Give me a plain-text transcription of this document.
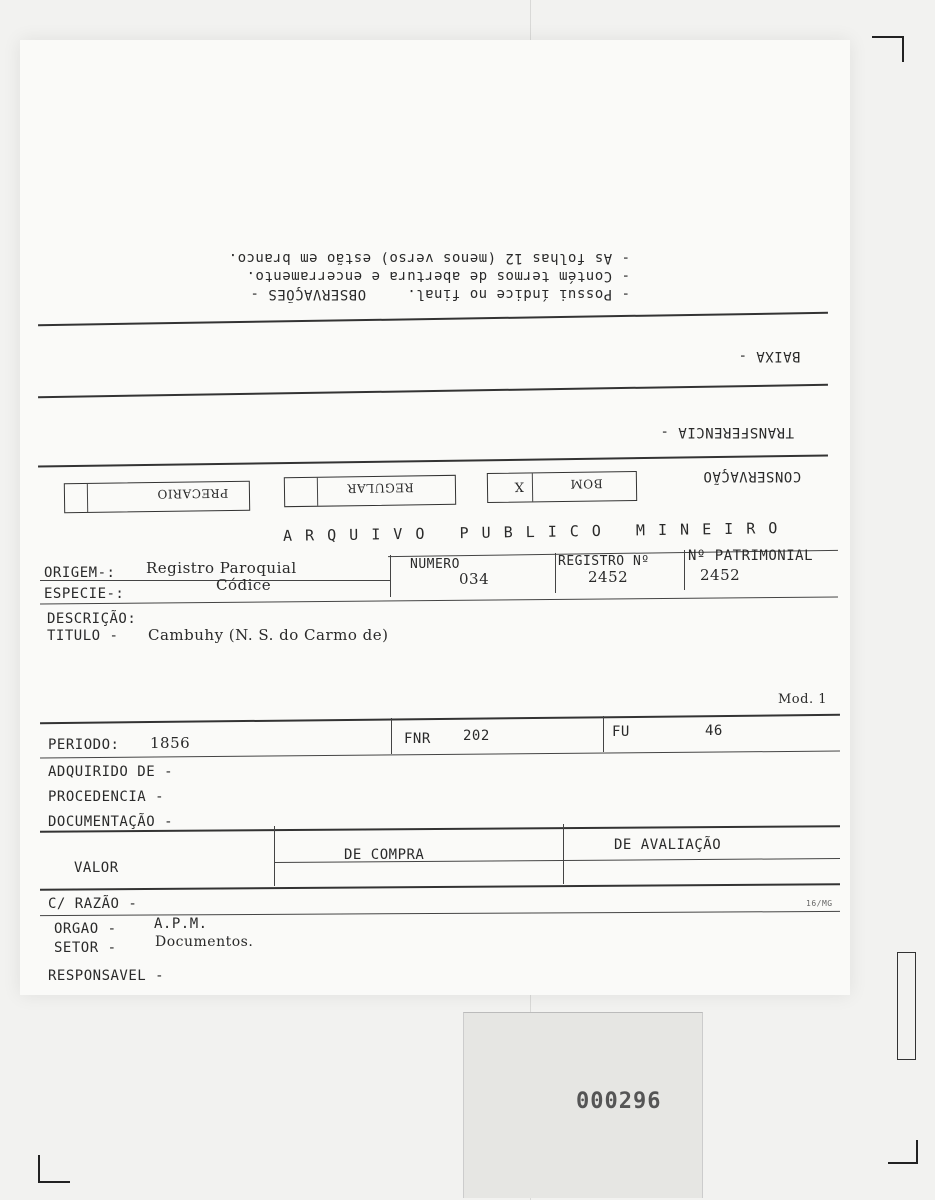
OBSERVAÇÕES -	- Possui índice no final.
- Contém termos de abertura e encerramento.
- As folhas 12 (menos verso) estão em branco.
BAIXA -
TRANSFERENCIA -
CONSERVAÇÃO
PRECARIO	REGULAR	X	BOM
A R Q U I V O   P U B L I C O   M I N E I R O
ORIGEM-: Registro Paroquial
ESPECIE-:	Códice
NUMERO
034
REGISTRO Nº
2452
Nº PATRIMONIAL
2452
DESCRIÇÃO:
TITULO - Cambuhy (N. S. do Carmo de)
Mod. 1
PERIODO: 1856	FNR 202	FU	46
ADQUIRIDO DE -
PROCEDENCIA -
DOCUMENTAÇÃO -
VALOR
DE COMPRA
DE AVALIAÇÃO
C/ RAZÃO -	16/MG
ORGAO -	A.P.M.
SETOR -	Documentos.
RESPONSAVEL -
000296
